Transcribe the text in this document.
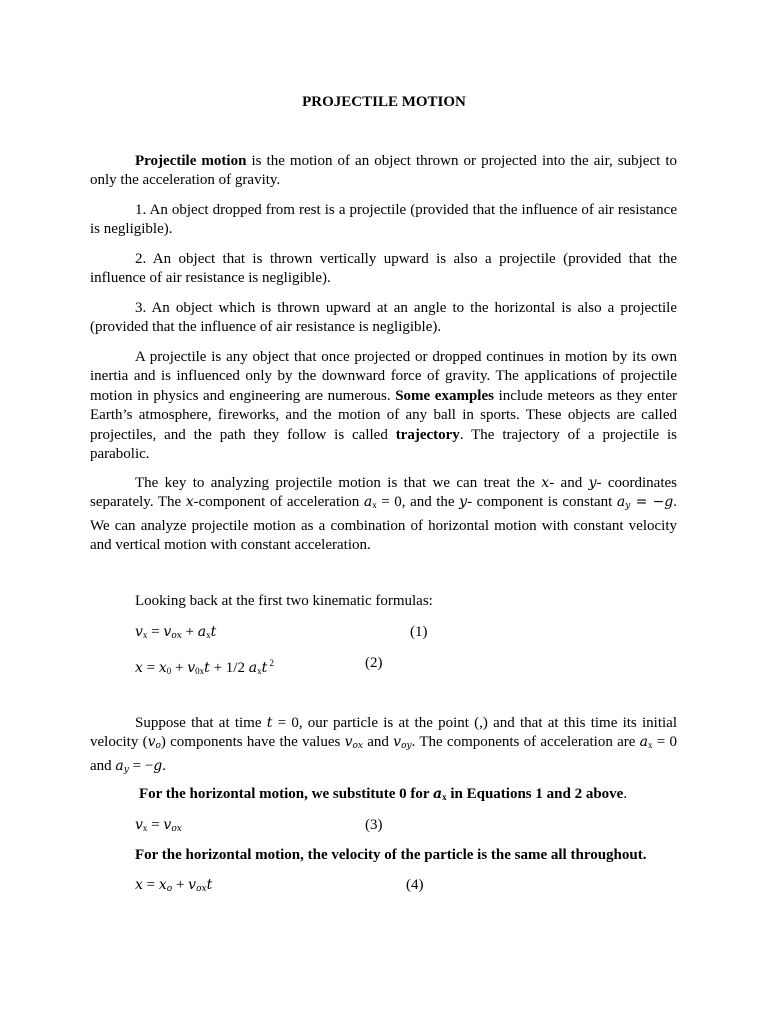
PROJECTILE MOTION
Projectile motion is the motion of an object thrown or projected into the air, subject to only the acceleration of gravity.
1. An object dropped from rest is a projectile (provided that the influence of air resistance is negligible).
2. An object that is thrown vertically upward is also a projectile (provided that the influence of air resistance is negligible).
3. An object which is thrown upward at an angle to the horizontal is also a projectile (provided that the influence of air resistance is negligible).
A projectile is any object that once projected or dropped continues in motion by its own inertia and is influenced only by the downward force of gravity. The applications of projectile motion in physics and engineering are numerous. Some examples include meteors as they enter Earth’s atmosphere, fireworks, and the motion of any ball in sports. These objects are called projectiles, and the path they follow is called trajectory. The trajectory of a projectile is parabolic.
The key to analyzing projectile motion is that we can treat the x- and y- coordinates separately. The x-component of acceleration ax = 0, and the y- component is constant ay = −g. We can analyze projectile motion as a combination of horizontal motion with constant velocity and vertical motion with constant acceleration.
Looking back at the first two kinematic formulas:
vx = vox + axt	(1)
x = x0 + v0xt + 1/2 axt $^2$	(2)
Suppose that at time t = 0, our particle is at the point (,) and that at this time its initial velocity (vo) components have the values vox and voy. The components of acceleration are ax = 0 and ay = −g.
For the horizontal motion, we substitute 0 for ax in Equations 1 and 2 above.
vx = vox	(3)
For the horizontal motion, the velocity of the particle is the same all throughout.
x = xo + voxt	(4)
